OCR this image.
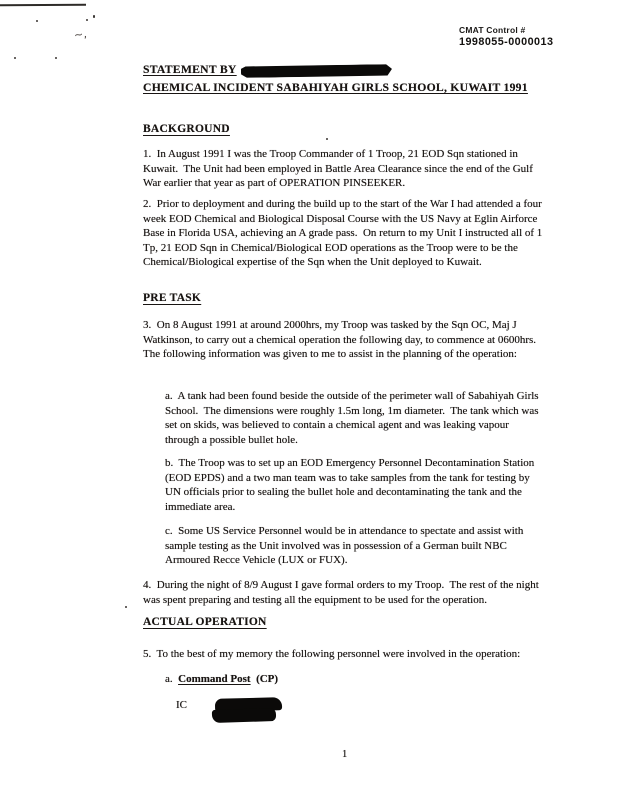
~‚	CMAT Control #
1998055-0000013
STATEMENT BY
CHEMICAL INCIDENT SABAHIYAH GIRLS SCHOOL, KUWAIT 1991
BACKGROUND
1.  In August 1991 I was the Troop Commander of 1 Troop, 21 EOD Sqn stationed in Kuwait.  The Unit had been employed in Battle Area Clearance since the end of the Gulf War earlier that year as part of OPERATION PINSEEKER.
2.  Prior to deployment and during the build up to the start of the War I had attended a four week EOD Chemical and Biological Disposal Course with the US Navy at Eglin Airforce Base in Florida USA, achieving an A grade pass.  On return to my Unit I instructed all of 1 Tp, 21 EOD Sqn in Chemical/Biological EOD operations as the Troop were to be the Chemical/Biological expertise of the Sqn when the Unit deployed to Kuwait.
PRE TASK
3.  On 8 August 1991 at around 2000hrs, my Troop was tasked by the Sqn OC, Maj J Watkinson, to carry out a chemical operation the following day, to commence at 0600hrs.  The following information was given to me to assist in the planning of the operation:
a.  A tank had been found beside the outside of the perimeter wall of Sabahiyah Girls School.  The dimensions were roughly 1.5m long, 1m diameter.  The tank which was set on skids, was believed to contain a chemical agent and was leaking vapour through a possible bullet hole.
b.  The Troop was to set up an EOD Emergency Personnel Decontamination Station (EOD EPDS) and a two man team was to take samples from the tank for testing by UN officials prior to sealing the bullet hole and decontaminating the tank and the immediate area.
c.  Some US Service Personnel would be in attendance to spectate and assist with sample testing as the Unit involved was in possession of a German built NBC Armoured Recce Vehicle (LUX or FUX).
4.  During the night of 8/9 August I gave formal orders to my Troop.  The rest of the night was spent preparing and testing all the equipment to be used for the operation.
ACTUAL OPERATION
5.  To the best of my memory the following personnel were involved in the operation:
a. Command Post (CP)
IC
1
